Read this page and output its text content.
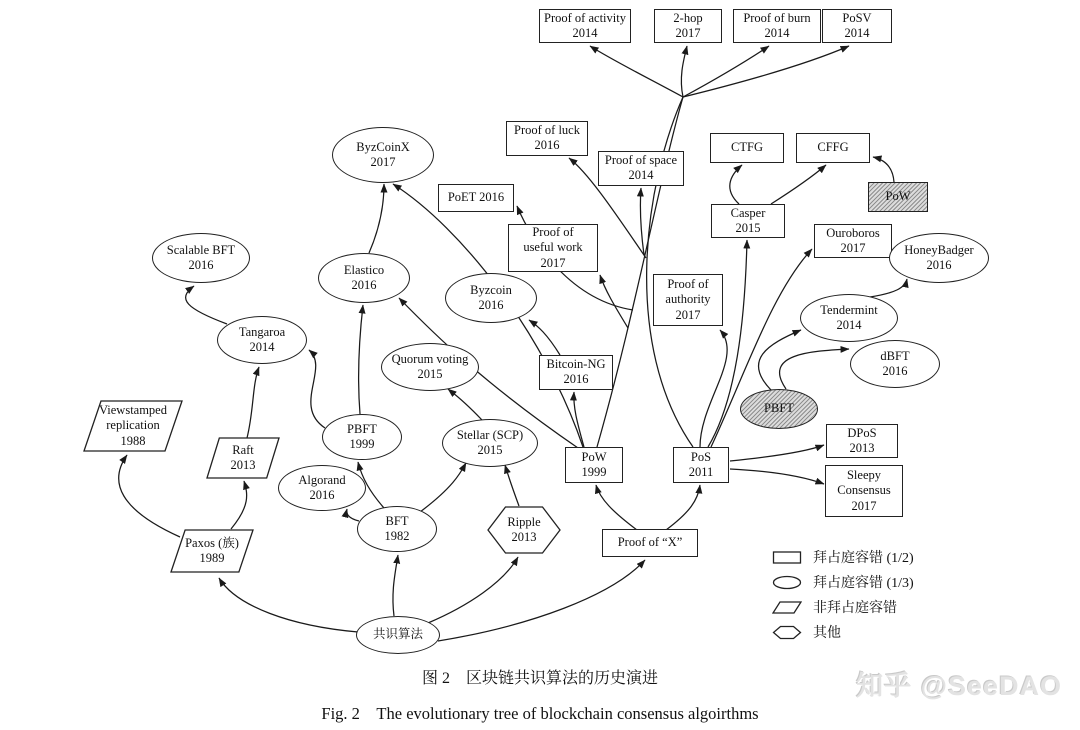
Proof of activity
2014
2-hop
2017
Proof of burn
2014
PoSV
2014
ByzCoinX
2017
Proof of luck
2016
Proof of space
2014
CTFG	CFFG
PoW
PoET 2016
Casper
2015
Proof of
useful work
2017
Scalable BFT
2016
Ouroboros
2017	HoneyBadger
2016
Elastico
2016	Byzcoin
2016
Proof of
authority
2017	Tendermint
2014
Tangaroa
2014
Quorum voting
2015
dBFT
2016
Bitcoin-NG
2016
PBFT
Viewstamped
replication
1988
PBFT
1999
Stellar (SCP)
2015
Raft
2013
PoW
1999
PoS
2011
DPoS
2013
Algorand
2016
Sleepy
Consensus
2017
BFT
1982
Ripple
2013
Paxos (族)
1989
Proof of “X”
共识算法
拜占庭容错 (1/2)
拜占庭容错 (1/3)
非拜占庭容错
其他
图 2　区块链共识算法的历史演进
Fig. 2　The evolutionary tree of blockchain consensus algoirthms
知乎 @SeeDAO
